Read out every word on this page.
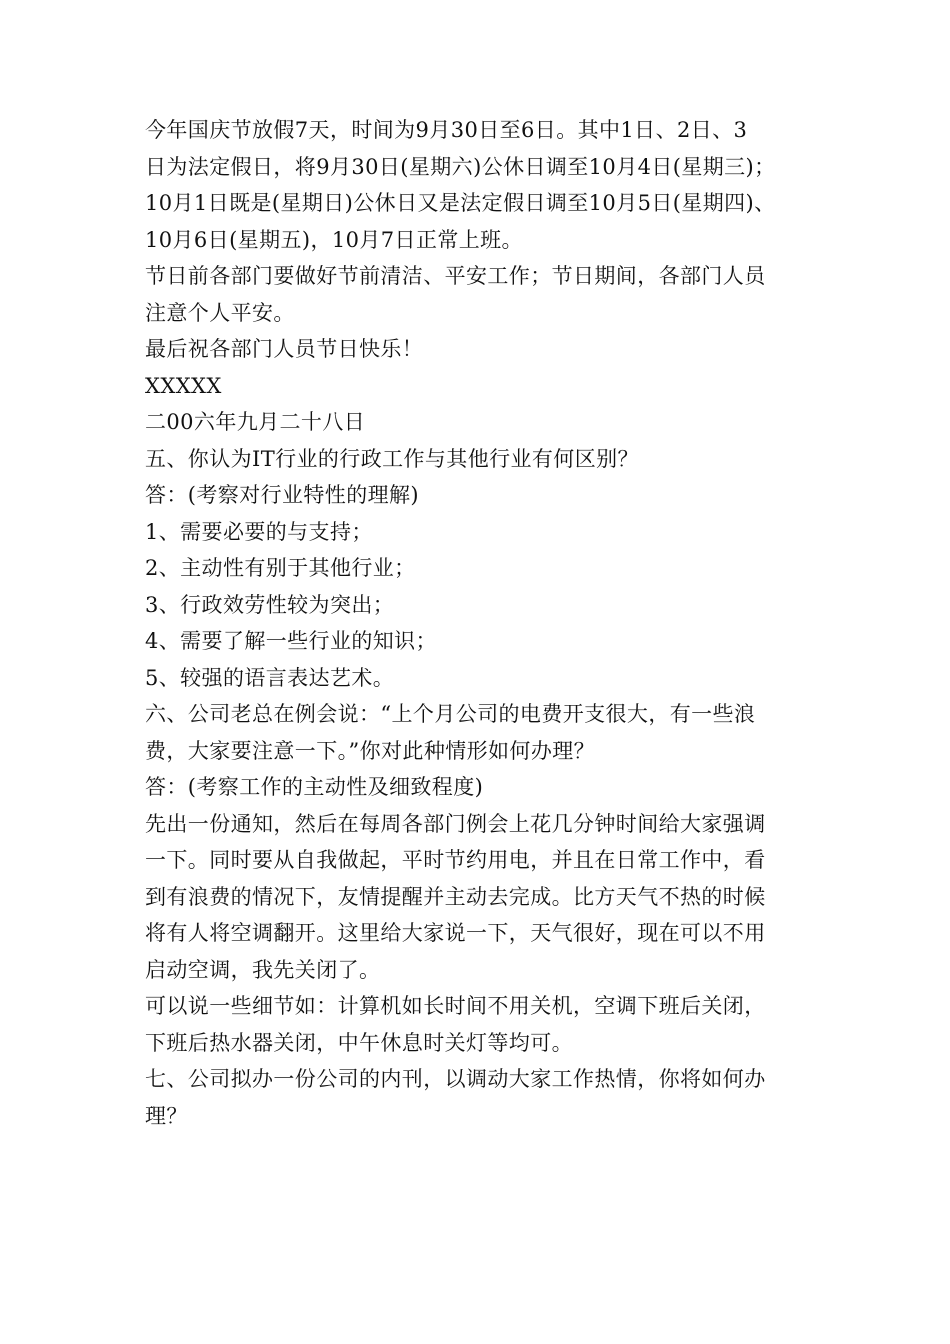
今年国庆节放假7天，时间为9月30日至6日。其中1日、2日、3
日为法定假日，将9月30日(星期六)公休日调至10月4日(星期三)；
10月1日既是(星期日)公休日又是法定假日调至10月5日(星期四)、
10月6日(星期五)，10月7日正常上班。
节日前各部门要做好节前清洁、平安工作；节日期间，各部门人员
注意个人平安。
最后祝各部门人员节日快乐！
XXXXX
二00六年九月二十八日
五、你认为IT行业的行政工作与其他行业有何区别？
答：(考察对行业特性的理解)
1、需要必要的与支持；
2、主动性有别于其他行业；
3、行政效劳性较为突出；
4、需要了解一些行业的知识；
5、较强的语言表达艺术。
六、公司老总在例会说：“上个月公司的电费开支很大，有一些浪
费，大家要注意一下。”你对此种情形如何办理？
答：(考察工作的主动性及细致程度)
先出一份通知，然后在每周各部门例会上花几分钟时间给大家强调
一下。同时要从自我做起，平时节约用电，并且在日常工作中，看
到有浪费的情况下，友情提醒并主动去完成。比方天气不热的时候
将有人将空调翻开。这里给大家说一下，天气很好，现在可以不用
启动空调，我先关闭了。
可以说一些细节如：计算机如长时间不用关机，空调下班后关闭，
下班后热水器关闭，中午休息时关灯等均可。
七、公司拟办一份公司的内刊，以调动大家工作热情，你将如何办
理？
